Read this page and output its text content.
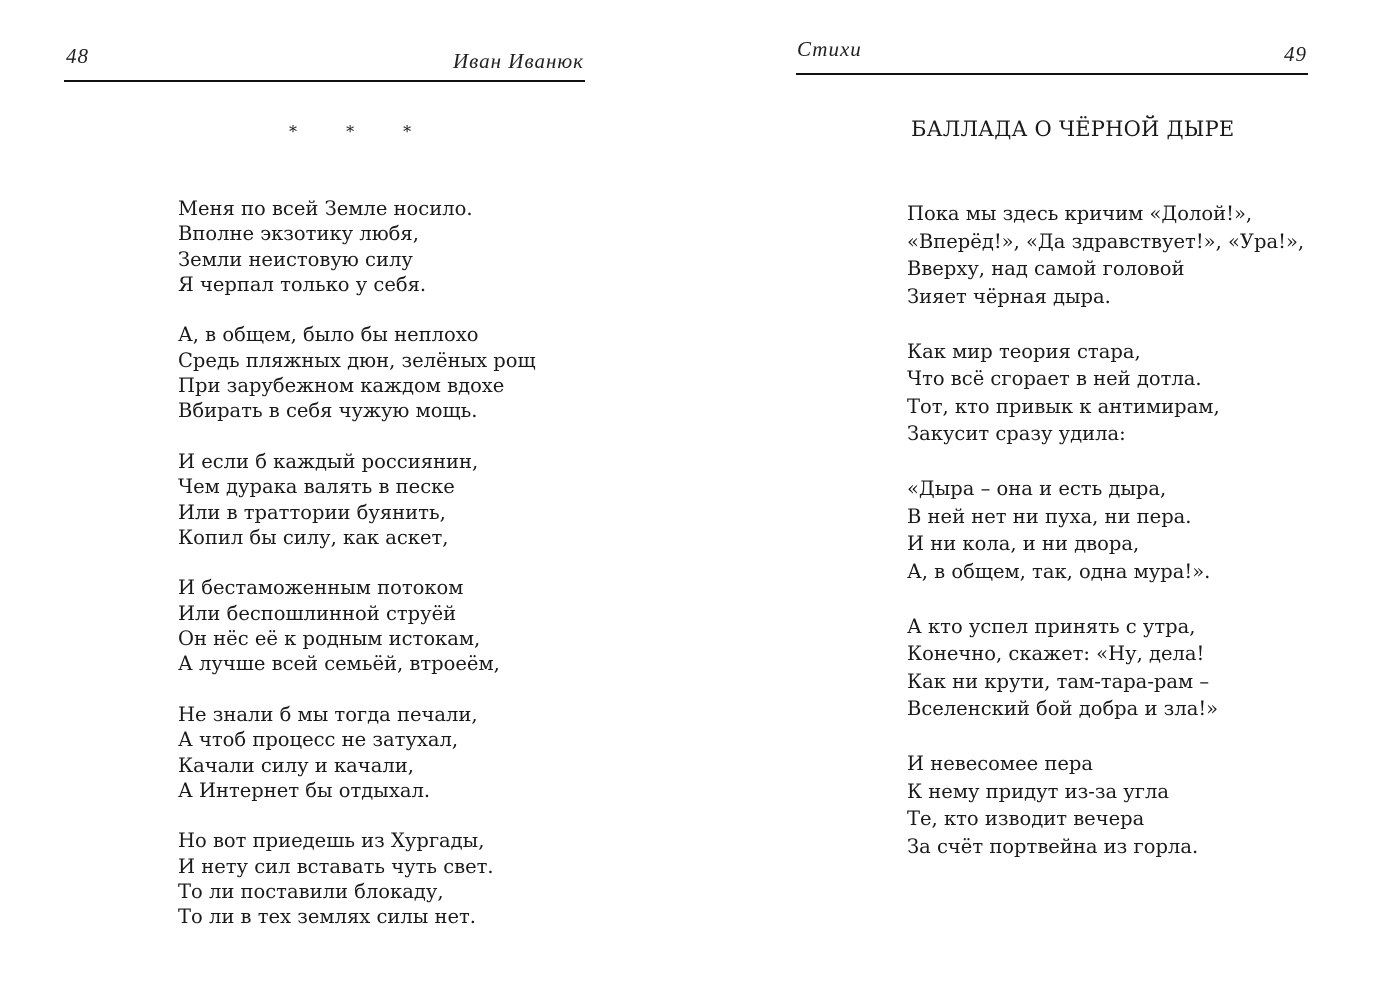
48	Иван Иванюк
* * *
Меня по всей Земле носило.
Вполне экзотику любя,
Земли неистовую силу
Я черпал только у себя.
А, в общем, было бы неплохо
Средь пляжных дюн, зелёных рощ
При зарубежном каждом вдохе
Вбирать в себя чужую мощь.
И если б каждый россиянин,
Чем дурака валять в песке
Или в траттории буянить,
Копил бы силу, как аскет,
И бестаможенным потоком
Или беспошлинной струёй
Он нёс её к родным истокам,
А лучше всей семьёй, втроеём,
Не знали б мы тогда печали,
А чтоб процесс не затухал,
Качали силу и качали,
А Интернет бы отдыхал.
Но вот приедешь из Хургады,
И нету сил вставать чуть свет.
То ли поставили блокаду,
То ли в тех землях силы нет.
Стихи	49
БАЛЛАДА О ЧЁРНОЙ ДЫРЕ
Пока мы здесь кричим «Долой!»,
«Вперёд!», «Да здравствует!», «Ура!»,
Вверху, над самой головой
Зияет чёрная дыра.
Как мир теория стара,
Что всё сгорает в ней дотла.
Тот, кто привык к антимирам,
Закусит сразу удила:
«Дыра – она и есть дыра,
В ней нет ни пуха, ни пера.
И ни кола, и ни двора,
А, в общем, так, одна мура!».
А кто успел принять с утра,
Конечно, скажет: «Ну, дела!
Как ни крути, там-тара-рам –
Вселенский бой добра и зла!»
И невесомее пера
К нему придут из-за угла
Те, кто изводит вечера
За счёт портвейна из горла.
